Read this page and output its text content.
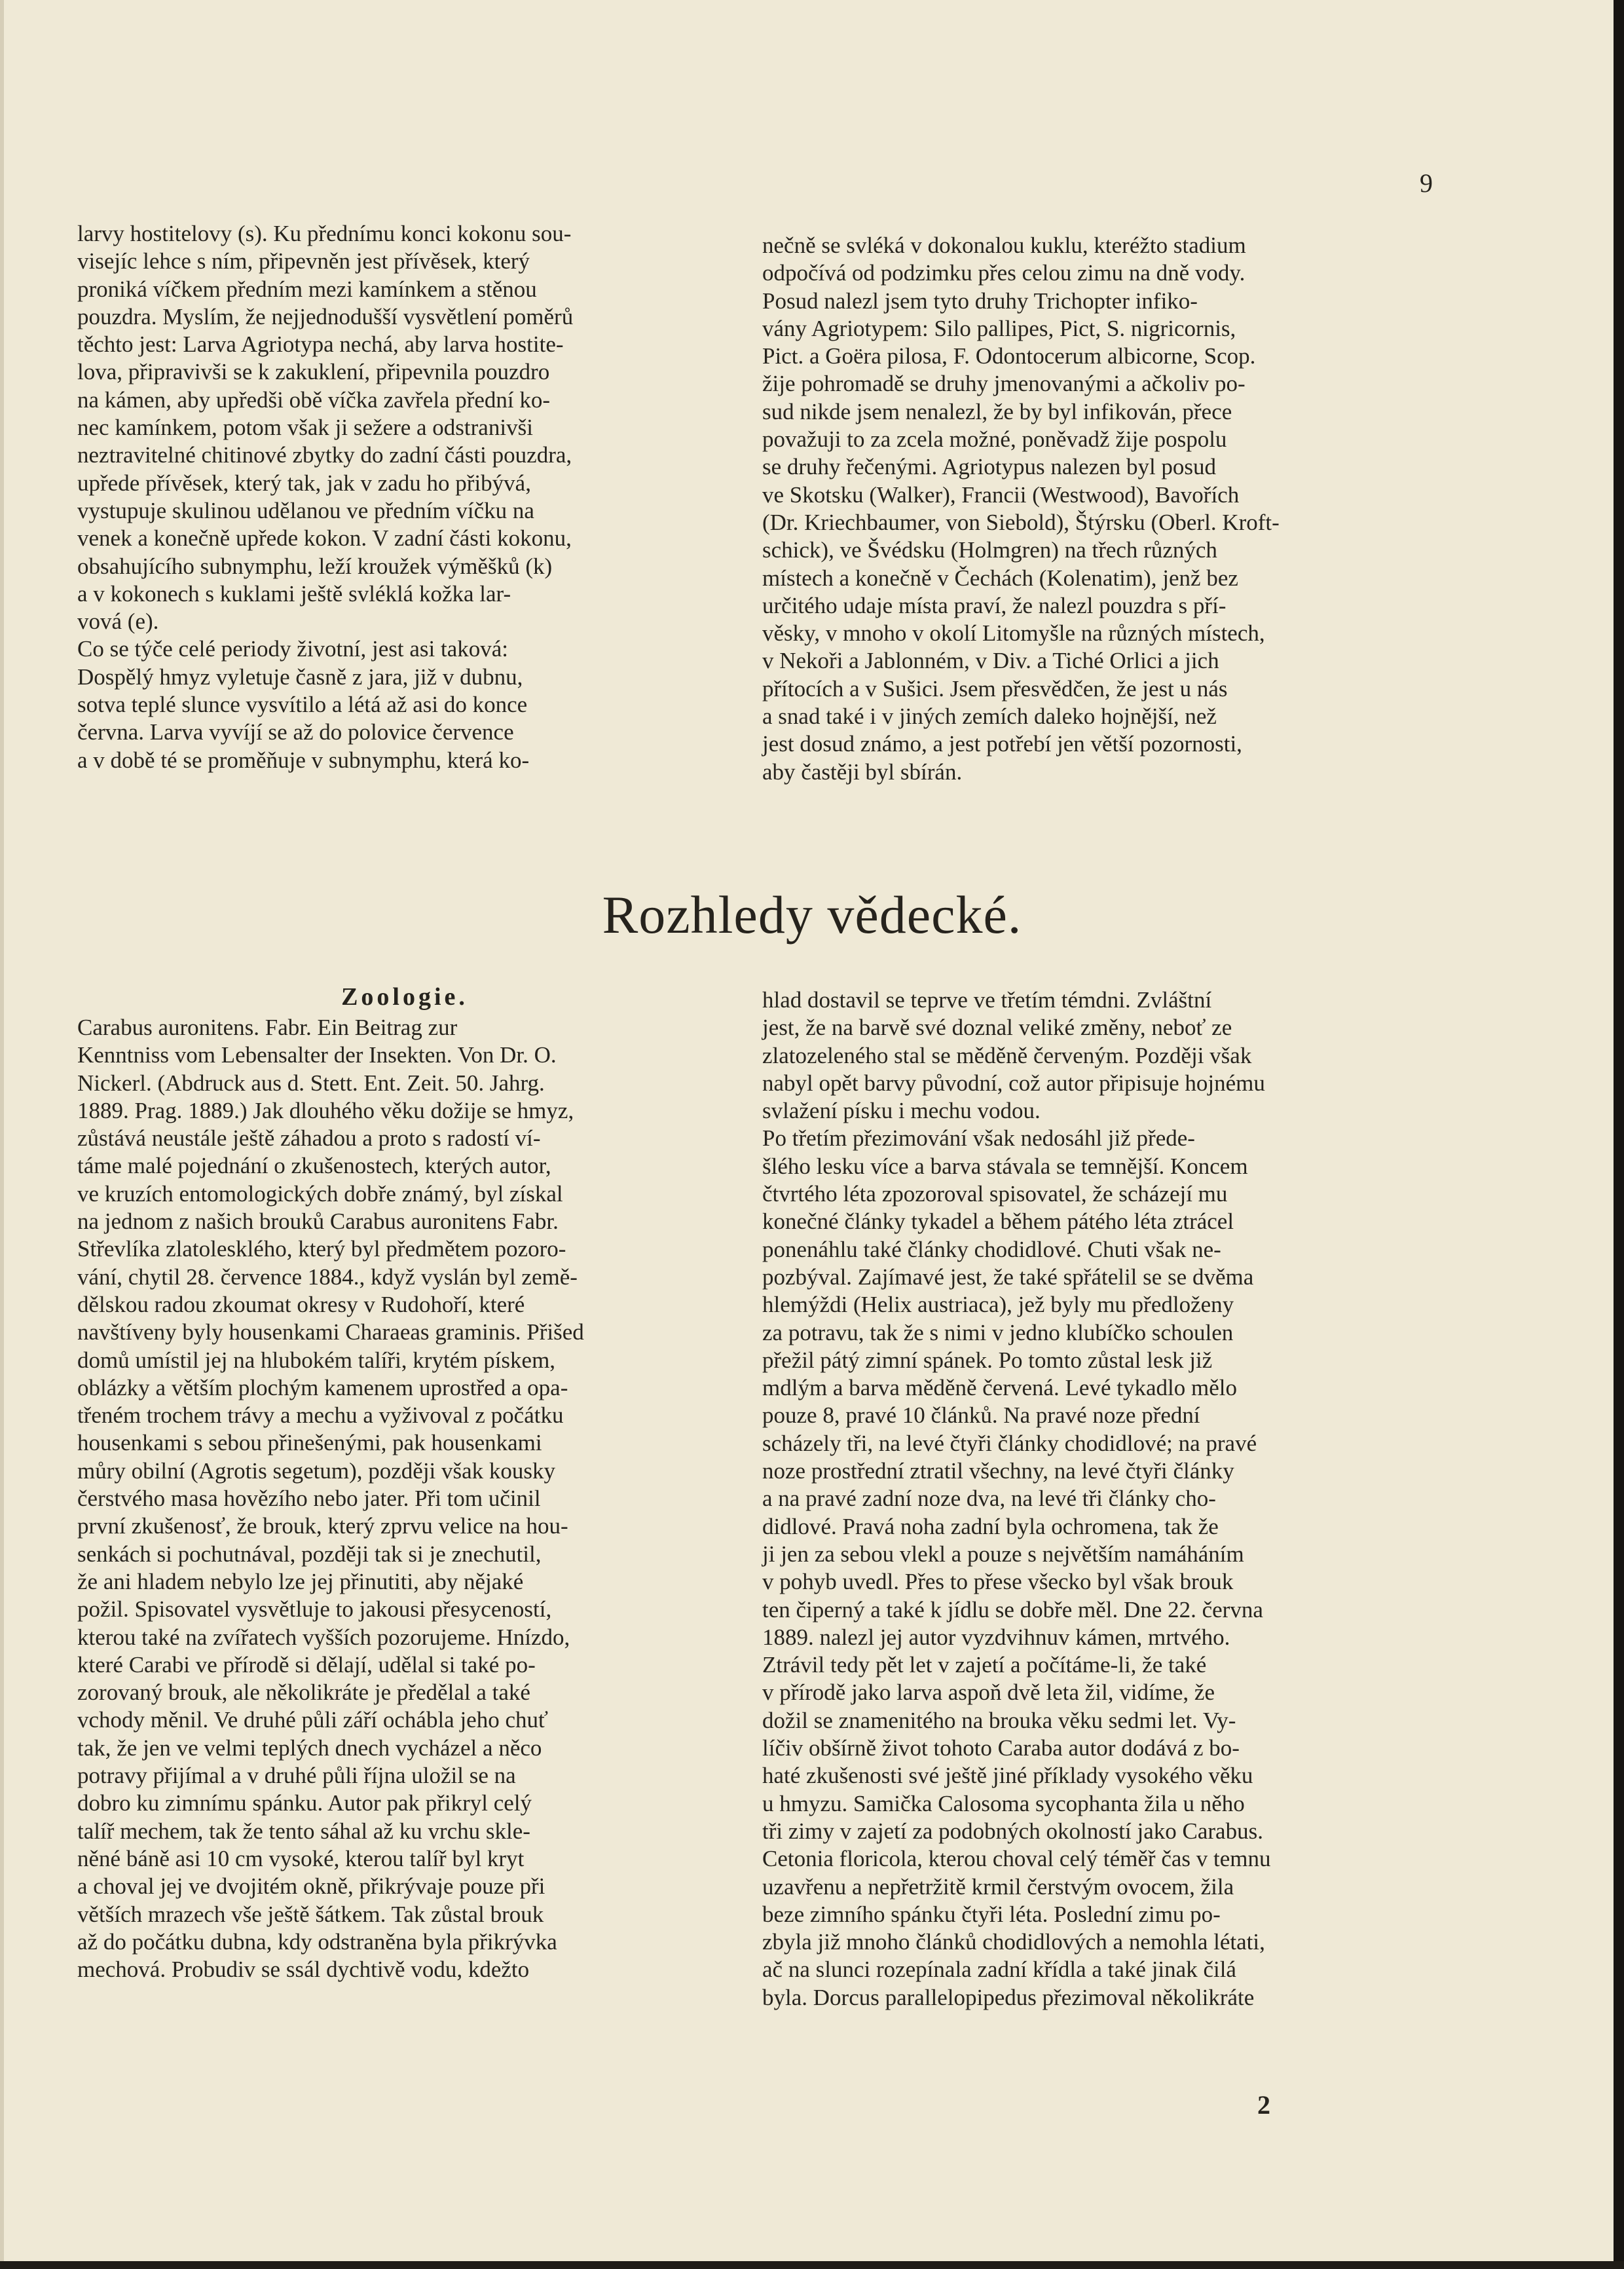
9
larvy hostitelovy (s). Ku přednímu konci kokonu sou-
visejíc lehce s ním, připevněn jest přívěsek, který
proniká víčkem předním mezi kamínkem a stěnou
pouzdra. Myslím, že nejjednodušší vysvětlení poměrů
těchto jest: Larva Agriotypa nechá, aby larva hostite-
lova, připravivši se k zakuklení, připevnila pouzdro
na kámen, aby upředši obě víčka zavřela přední ko-
nec kamínkem, potom však ji sežere a odstranivši
neztravitelné chitinové zbytky do zadní části pouzdra,
upřede přívěsek, který tak, jak v zadu ho přibývá,
vystupuje skulinou udělanou ve předním víčku na
venek a konečně upřede kokon. V zadní části kokonu,
obsahujícího subnymphu, leží kroužek výměšků (k)
a v kokonech s kuklami ještě svléklá kožka lar-
vová (e).
Co se týče celé periody životní, jest asi taková:
Dospělý hmyz vyletuje časně z jara, již v dubnu,
sotva teplé slunce vysvítilo a létá až asi do konce
června. Larva vyvíjí se až do polovice července
a v době té se proměňuje v subnymphu, která ko-
nečně se svléká v dokonalou kuklu, kteréžto stadium
odpočívá od podzimku přes celou zimu na dně vody.
Posud nalezl jsem tyto druhy Trichopter infiko-
vány Agriotypem: Silo pallipes, Pict, S. nigricornis,
Pict. a Goëra pilosa, F. Odontocerum albicorne, Scop.
žije pohromadě se druhy jmenovanými a ačkoliv po-
sud nikde jsem nenalezl, že by byl infikován, přece
považuji to za zcela možné, poněvadž žije pospolu
se druhy řečenými. Agriotypus nalezen byl posud
ve Skotsku (Walker), Francii (Westwood), Bavořích
(Dr. Kriechbaumer, von Siebold), Štýrsku (Oberl. Kroft-
schick), ve Švédsku (Holmgren) na třech různých
místech a konečně v Čechách (Kolenatim), jenž bez
určitého udaje místa praví, že nalezl pouzdra s pří-
věsky, v mnoho v okolí Litomyšle na různých místech,
v Nekoři a Jablonném, v Div. a Tiché Orlici a jich
přítocích a v Sušici. Jsem přesvědčen, že jest u nás
a snad také i v jiných zemích daleko hojnější, než
jest dosud známo, a jest potřebí jen větší pozornosti,
aby častěji byl sbírán.
Rozhledy vědecké.
Zoologie.
Carabus auronitens. Fabr. Ein Beitrag zur
Kenntniss vom Lebensalter der Insekten. Von Dr. O.
Nickerl. (Abdruck aus d. Stett. Ent. Zeit. 50. Jahrg.
1889. Prag. 1889.) Jak dlouhého věku dožije se hmyz,
zůstává neustále ještě záhadou a proto s radostí ví-
táme malé pojednání o zkušenostech, kterých autor,
ve kruzích entomologických dobře známý, byl získal
na jednom z našich brouků Carabus auronitens Fabr.
Střevlíka zlatolesklého, který byl předmětem pozoro-
vání, chytil 28. července 1884., když vyslán byl země-
dělskou radou zkoumat okresy v Rudohoří, které
navštíveny byly housenkami Charaeas graminis. Přišed
domů umístil jej na hlubokém talíři, krytém pískem,
oblázky a větším plochým kamenem uprostřed a opa-
třeném trochem trávy a mechu a vyživoval z počátku
housenkami s sebou přinešenými, pak housenkami
můry obilní (Agrotis segetum), později však kousky
čerstvého masa hovězího nebo jater. Při tom učinil
první zkušenosť, že brouk, který zprvu velice na hou-
senkách si pochutnával, později tak si je znechutil,
že ani hladem nebylo lze jej přinutiti, aby nějaké
požil. Spisovatel vysvětluje to jakousi přesyceností,
kterou také na zvířatech vyšších pozorujeme. Hnízdo,
které Carabi ve přírodě si dělají, udělal si také po-
zorovaný brouk, ale několikráte je předělal a také
vchody měnil. Ve druhé půli září ochábla jeho chuť
tak, že jen ve velmi teplých dnech vycházel a něco
potravy přijímal a v druhé půli října uložil se na
dobro ku zimnímu spánku. Autor pak přikryl celý
talíř mechem, tak že tento sáhal až ku vrchu skle-
něné báně asi 10 cm vysoké, kterou talíř byl kryt
a choval jej ve dvojitém okně, přikrývaje pouze při
větších mrazech vše ještě šátkem. Tak zůstal brouk
až do počátku dubna, kdy odstraněna byla přikrývka
mechová. Probudiv se ssál dychtivě vodu, kdežto
hlad dostavil se teprve ve třetím témdni. Zvláštní
jest, že na barvě své doznal veliké změny, neboť ze
zlatozeleného stal se měděně červeným. Později však
nabyl opět barvy původní, což autor připisuje hojnému
svlažení písku i mechu vodou.
Po třetím přezimování však nedosáhl již přede-
šlého lesku více a barva stávala se temnější. Koncem
čtvrtého léta zpozoroval spisovatel, že scházejí mu
konečné články tykadel a během pátého léta ztrácel
ponenáhlu také články chodidlové. Chuti však ne-
pozbýval. Zajímavé jest, že také spřátelil se se dvěma
hlemýždi (Helix austriaca), jež byly mu předloženy
za potravu, tak že s nimi v jedno klubíčko schoulen
přežil pátý zimní spánek. Po tomto zůstal lesk již
mdlým a barva měděně červená. Levé tykadlo mělo
pouze 8, pravé 10 článků. Na pravé noze přední
scházely tři, na levé čtyři články chodidlové; na pravé
noze prostřední ztratil všechny, na levé čtyři články
a na pravé zadní noze dva, na levé tři články cho-
didlové. Pravá noha zadní byla ochromena, tak že
ji jen za sebou vlekl a pouze s největším namáháním
v pohyb uvedl. Přes to přese všecko byl však brouk
ten čiperný a také k jídlu se dobře měl. Dne 22. června
1889. nalezl jej autor vyzdvihnuv kámen, mrtvého.
Ztrávil tedy pět let v zajetí a počítáme-li, že také
v přírodě jako larva aspoň dvě leta žil, vidíme, že
dožil se znamenitého na brouka věku sedmi let. Vy-
líčiv obšírně život tohoto Caraba autor dodává z bo-
haté zkušenosti své ještě jiné příklady vysokého věku
u hmyzu. Samička Calosoma sycophanta žila u něho
tři zimy v zajetí za podobných okolností jako Carabus.
Cetonia floricola, kterou choval celý téměř čas v temnu
uzavřenu a nepřetržitě krmil čerstvým ovocem, žila
beze zimního spánku čtyři léta. Poslední zimu po-
zbyla již mnoho článků chodidlových a nemohla létati,
ač na slunci rozepínala zadní křídla a také jinak čilá
byla. Dorcus parallelopipedus přezimoval několikráte
2
